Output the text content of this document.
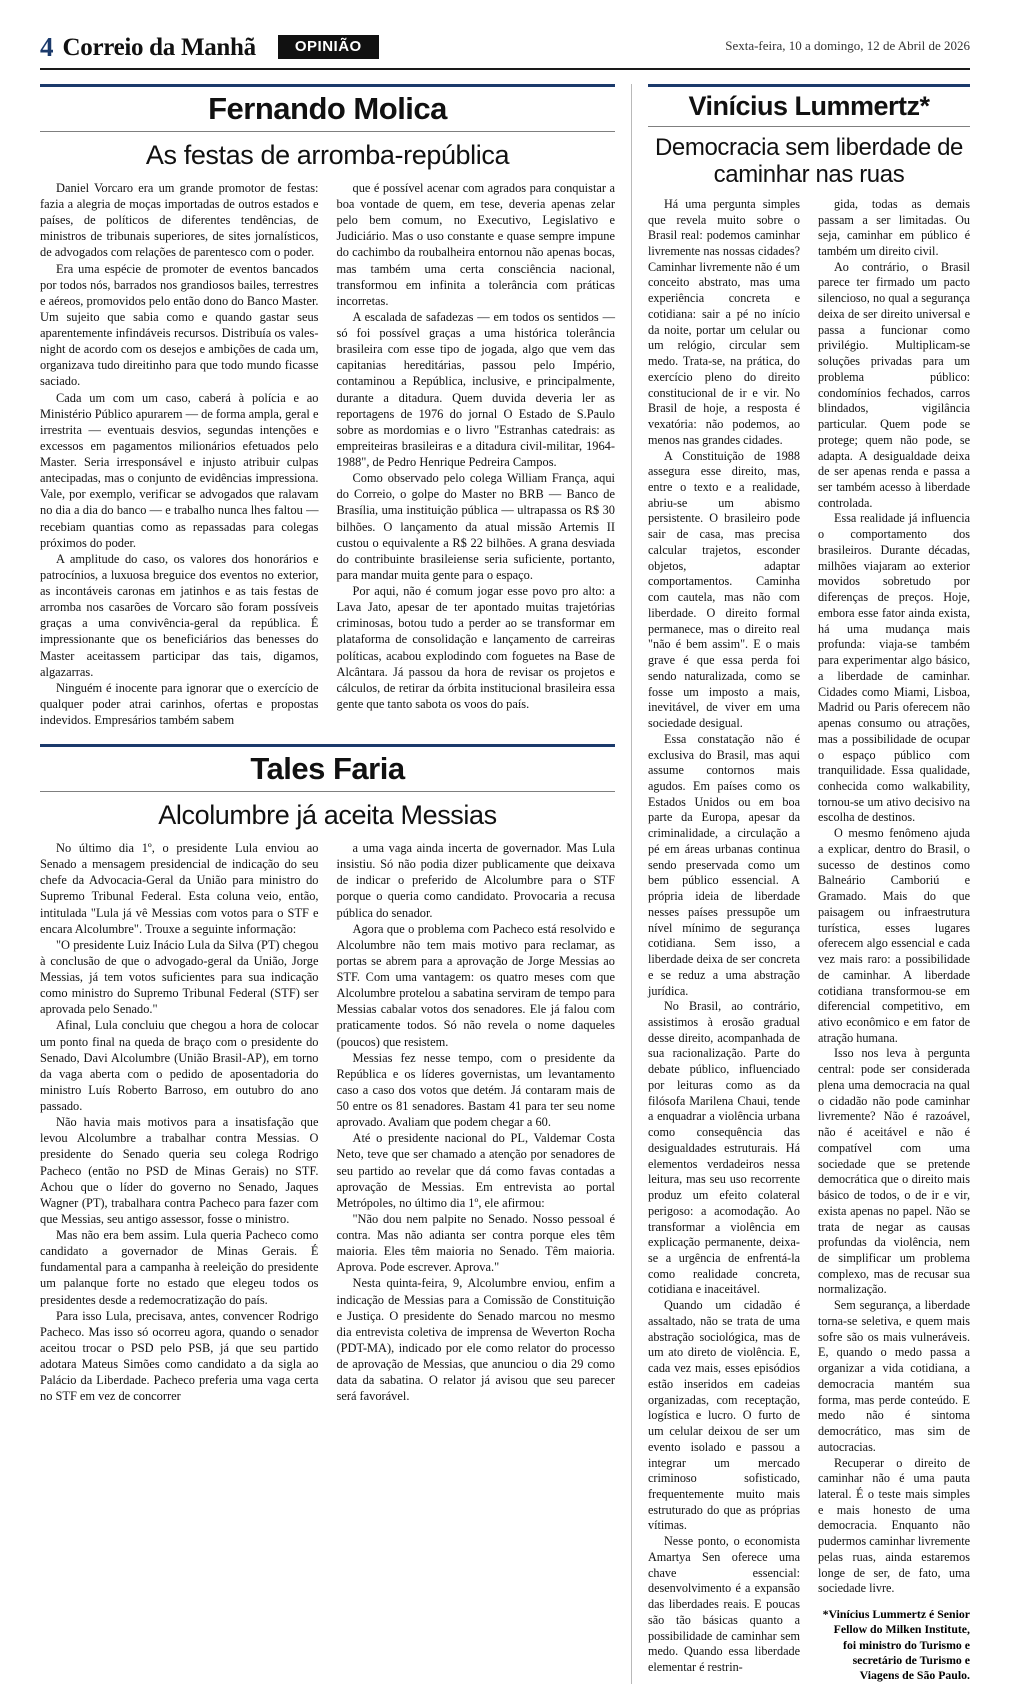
4 Correio da Manhã	OPINIÃO	Sexta-feira, 10 a domingo, 12 de Abril de 2026
Fernando Molica
As festas de arromba-república

Daniel Vorcaro era um grande promotor de festas: fazia a alegria de moças importadas de outros estados e países, de políticos de diferentes tendências, de ministros de tribunais superiores, de sites jornalísticos, de advogados com relações de parentesco com o poder.

Era uma espécie de promoter de eventos bancados por todos nós, barrados nos grandiosos bailes, terrestres e aéreos, promovidos pelo então dono do Banco Master. Um sujeito que sabia como e quando gastar seus aparentemente infindáveis recursos. Distribuía os vales-night de acordo com os desejos e ambições de cada um, organizava tudo direitinho para que todo mundo ficasse saciado.

Cada um com um caso, caberá à polícia e ao Ministério Público apurarem — de forma ampla, geral e irrestrita — eventuais desvios, segundas intenções e excessos em pagamentos milionários efetuados pelo Master. Seria irresponsável e injusto atribuir culpas antecipadas, mas o conjunto de evidências impressiona. Vale, por exemplo, verificar se advogados que ralavam no dia a dia do banco — e trabalho nunca lhes faltou — recebiam quantias como as repassadas para colegas próximos do poder.

A amplitude do caso, os valores dos honorários e patrocínios, a luxuosa breguice dos eventos no exterior, as incontáveis caronas em jatinhos e as tais festas de arromba nos casarões de Vorcaro são foram possíveis graças a uma convivência-geral da república. É impressionante que os beneficiários das benesses do Master aceitassem participar das tais, digamos, algazarras.

Ninguém é inocente para ignorar que o exercício de qualquer poder atrai carinhos, ofertas e propostas indevidos. Empresários também sabem

que é possível acenar com agrados para conquistar a boa vontade de quem, em tese, deveria apenas zelar pelo bem comum, no Executivo, Legislativo e Judiciário. Mas o uso constante e quase sempre impune do cachimbo da roubalheira entornou não apenas bocas, mas também uma certa consciência nacional, transformou em infinita a tolerância com práticas incorretas.

A escalada de safadezas — em todos os sentidos — só foi possível graças a uma histórica tolerância brasileira com esse tipo de jogada, algo que vem das capitanias hereditárias, passou pelo Império, contaminou a República, inclusive, e principalmente, durante a ditadura. Quem duvida deveria ler as reportagens de 1976 do jornal O Estado de S.Paulo sobre as mordomias e o livro "Estranhas catedrais: as empreiteiras brasileiras e a ditadura civil-militar, 1964-1988", de Pedro Henrique Pedreira Campos.

Como observado pelo colega William França, aqui do Correio, o golpe do Master no BRB — Banco de Brasília, uma instituição pública — ultrapassa os R$ 30 bilhões. O lançamento da atual missão Artemis II custou o equivalente a R$ 22 bilhões. A grana desviada do contribuinte brasileiense seria suficiente, portanto, para mandar muita gente para o espaço.

Por aqui, não é comum jogar esse povo pro alto: a Lava Jato, apesar de ter apontado muitas trajetórias criminosas, botou tudo a perder ao se transformar em plataforma de consolidação e lançamento de carreiras políticas, acabou explodindo com foguetes na Base de Alcântara. Já passou da hora de revisar os projetos e cálculos, de retirar da órbita institucional brasileira essa gente que tanto sabota os voos do país.

Tales Faria
Alcolumbre já aceita Messias

No último dia 1º, o presidente Lula enviou ao Senado a mensagem presidencial de indicação do seu chefe da Advocacia-Geral da União para ministro do Supremo Tribunal Federal. Esta coluna veio, então, intitulada "Lula já vê Messias com votos para o STF e encara Alcolumbre". Trouxe a seguinte informação:

"O presidente Luiz Inácio Lula da Silva (PT) chegou à conclusão de que o advogado-geral da União, Jorge Messias, já tem votos suficientes para sua indicação como ministro do Supremo Tribunal Federal (STF) ser aprovada pelo Senado."

Afinal, Lula concluiu que chegou a hora de colocar um ponto final na queda de braço com o presidente do Senado, Davi Alcolumbre (União Brasil-AP), em torno da vaga aberta com o pedido de aposentadoria do ministro Luís Roberto Barroso, em outubro do ano passado.

Não havia mais motivos para a insatisfação que levou Alcolumbre a trabalhar contra Messias. O presidente do Senado queria seu colega Rodrigo Pacheco (então no PSD de Minas Gerais) no STF. Achou que o líder do governo no Senado, Jaques Wagner (PT), trabalhara contra Pacheco para fazer com que Messias, seu antigo assessor, fosse o ministro.

Mas não era bem assim. Lula queria Pacheco como candidato a governador de Minas Gerais. É fundamental para a campanha à reeleição do presidente um palanque forte no estado que elegeu todos os presidentes desde a redemocratização do país.

Para isso Lula, precisava, antes, convencer Rodrigo Pacheco. Mas isso só ocorreu agora, quando o senador aceitou trocar o PSD pelo PSB, já que seu partido adotara Mateus Simões como candidato a da sigla ao Palácio da Liberdade. Pacheco preferia uma vaga certa no STF em vez de concorrer

a uma vaga ainda incerta de governador. Mas Lula insistiu. Só não podia dizer publicamente que deixava de indicar o preferido de Alcolumbre para o STF porque o queria como candidato. Provocaria a recusa pública do senador.

Agora que o problema com Pacheco está resolvido e Alcolumbre não tem mais motivo para reclamar, as portas se abrem para a aprovação de Jorge Messias ao STF. Com uma vantagem: os quatro meses com que Alcolumbre protelou a sabatina serviram de tempo para Messias cabalar votos dos senadores. Ele já falou com praticamente todos. Só não revela o nome daqueles (poucos) que resistem.

Messias fez nesse tempo, com o presidente da República e os líderes governistas, um levantamento caso a caso dos votos que detém. Já contaram mais de 50 entre os 81 senadores. Bastam 41 para ter seu nome aprovado. Avaliam que podem chegar a 60.

Até o presidente nacional do PL, Valdemar Costa Neto, teve que ser chamado a atenção por senadores de seu partido ao revelar que dá como favas contadas a aprovação de Messias. Em entrevista ao portal Metrópoles, no último dia 1º, ele afirmou:

"Não dou nem palpite no Senado. Nosso pessoal é contra. Mas não adianta ser contra porque eles têm maioria. Eles têm maioria no Senado. Têm maioria. Aprova. Pode escrever. Aprova."

Nesta quinta-feira, 9, Alcolumbre enviou, enfim a indicação de Messias para a Comissão de Constituição e Justiça. O presidente do Senado marcou no mesmo dia entrevista coletiva de imprensa de Weverton Rocha (PDT-MA), indicado por ele como relator do processo de aprovação de Messias, que anunciou o dia 29 como data da sabatina. O relator já avisou que seu parecer será favorável.

Vinícius Lummertz*
Democracia sem liberdade de caminhar nas ruas

Há uma pergunta simples que revela muito sobre o Brasil real: podemos caminhar livremente nas nossas cidades? Caminhar livremente não é um conceito abstrato, mas uma experiência concreta e cotidiana: sair a pé no início da noite, portar um celular ou um relógio, circular sem medo. Trata-se, na prática, do exercício pleno do direito constitucional de ir e vir. No Brasil de hoje, a resposta é vexatória: não podemos, ao menos nas grandes cidades.

A Constituição de 1988 assegura esse direito, mas, entre o texto e a realidade, abriu-se um abismo persistente. O brasileiro pode sair de casa, mas precisa calcular trajetos, esconder objetos, adaptar comportamentos. Caminha com cautela, mas não com liberdade. O direito formal permanece, mas o direito real "não é bem assim". E o mais grave é que essa perda foi sendo naturalizada, como se fosse um imposto a mais, inevitável, de viver em uma sociedade desigual.

Essa constatação não é exclusiva do Brasil, mas aqui assume contornos mais agudos. Em países como os Estados Unidos ou em boa parte da Europa, apesar da criminalidade, a circulação a pé em áreas urbanas continua sendo preservada como um bem público essencial. A própria ideia de liberdade nesses países pressupõe um nível mínimo de segurança cotidiana. Sem isso, a liberdade deixa de ser concreta e se reduz a uma abstração jurídica.

No Brasil, ao contrário, assistimos à erosão gradual desse direito, acompanhada de sua racionalização. Parte do debate público, influenciado por leituras como as da filósofa Marilena Chaui, tende a enquadrar a violência urbana como consequência das desigualdades estruturais. Há elementos verdadeiros nessa leitura, mas seu uso recorrente produz um efeito colateral perigoso: a acomodação. Ao transformar a violência em explicação permanente, deixa-se a urgência de enfrentá-la como realidade concreta, cotidiana e inaceitável.

Quando um cidadão é assaltado, não se trata de uma abstração sociológica, mas de um ato direto de violência. E, cada vez mais, esses episódios estão inseridos em cadeias organizadas, com receptação, logística e lucro. O furto de um celular deixou de ser um evento isolado e passou a integrar um mercado criminoso sofisticado, frequentemente muito mais estruturado do que as próprias vítimas.

Nesse ponto, o economista Amartya Sen oferece uma chave essencial: desenvolvimento é a expansão das liberdades reais. E poucas são tão básicas quanto a possibilidade de caminhar sem medo. Quando essa liberdade elementar é restrin-

gida, todas as demais passam a ser limitadas. Ou seja, caminhar em público é também um direito civil.

Ao contrário, o Brasil parece ter firmado um pacto silencioso, no qual a segurança deixa de ser direito universal e passa a funcionar como privilégio. Multiplicam-se soluções privadas para um problema público: condomínios fechados, carros blindados, vigilância particular. Quem pode se protege; quem não pode, se adapta. A desigualdade deixa de ser apenas renda e passa a ser também acesso à liberdade controlada.

Essa realidade já influencia o comportamento dos brasileiros. Durante décadas, milhões viajaram ao exterior movidos sobretudo por diferenças de preços. Hoje, embora esse fator ainda exista, há uma mudança mais profunda: viaja-se também para experimentar algo básico, a liberdade de caminhar. Cidades como Miami, Lisboa, Madrid ou Paris oferecem não apenas consumo ou atrações, mas a possibilidade de ocupar o espaço público com tranquilidade. Essa qualidade, conhecida como walkability, tornou-se um ativo decisivo na escolha de destinos.

O mesmo fenômeno ajuda a explicar, dentro do Brasil, o sucesso de destinos como Balneário Camboriú e Gramado. Mais do que paisagem ou infraestrutura turística, esses lugares oferecem algo essencial e cada vez mais raro: a possibilidade de caminhar. A liberdade cotidiana transformou-se em diferencial competitivo, em ativo econômico e em fator de atração humana.

Isso nos leva à pergunta central: pode ser considerada plena uma democracia na qual o cidadão não pode caminhar livremente? Não é razoável, não é aceitável e não é compatível com uma sociedade que se pretende democrática que o direito mais básico de todos, o de ir e vir, exista apenas no papel. Não se trata de negar as causas profundas da violência, nem de simplificar um problema complexo, mas de recusar sua normalização.

Sem segurança, a liberdade torna-se seletiva, e quem mais sofre são os mais vulneráveis. E, quando o medo passa a organizar a vida cotidiana, a democracia mantém sua forma, mas perde conteúdo. E medo não é sintoma democrático, mas sim de autocracias.

Recuperar o direito de caminhar não é uma pauta lateral. É o teste mais simples e mais honesto de uma democracia. Enquanto não pudermos caminhar livremente pelas ruas, ainda estaremos longe de ser, de fato, uma sociedade livre.

*Vinícius Lummertz é Senior Fellow do Milken Institute, foi ministro do Turismo e secretário de Turismo e Viagens de São Paulo.
